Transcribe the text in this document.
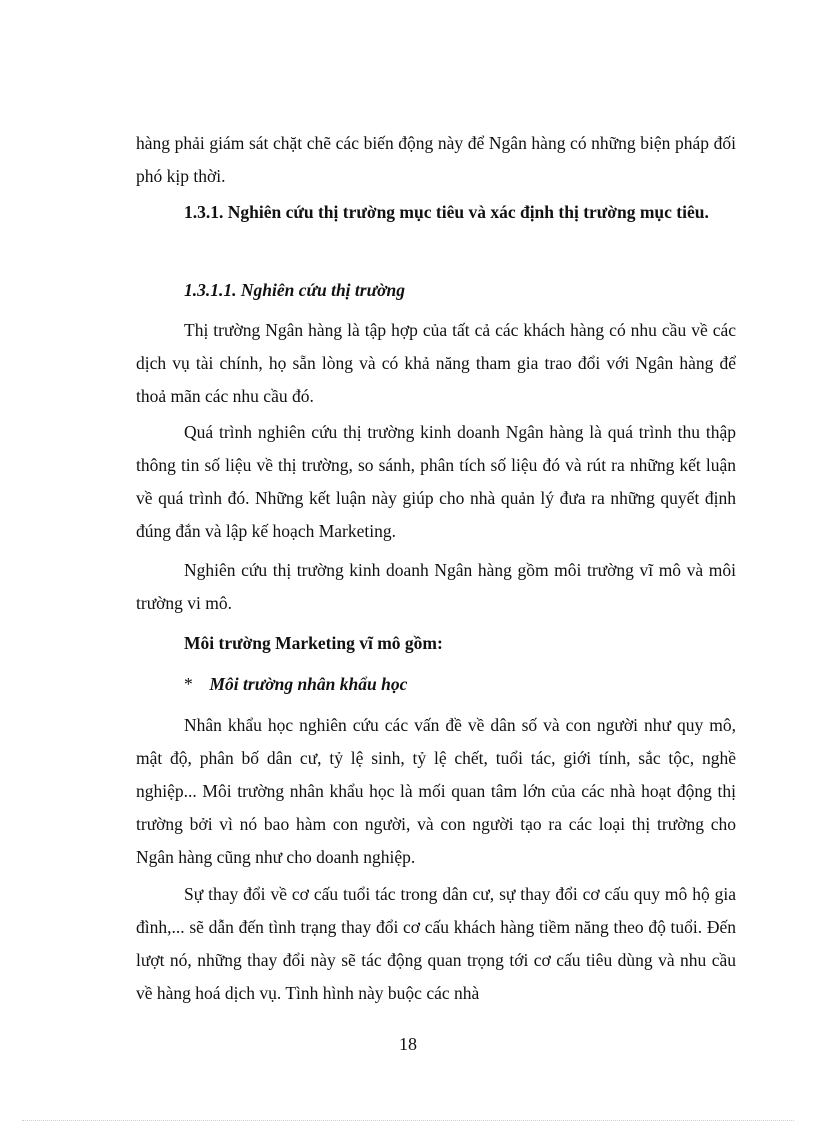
hàng phải giám sát chặt chẽ các biến động này để Ngân hàng có những biện pháp đối phó kịp thời.

1.3.1. Nghiên cứu thị trường mục tiêu và xác định thị trường mục tiêu.

1.3.1.1. Nghiên cứu thị trường

Thị trường Ngân hàng là tập hợp của tất cả các khách hàng có nhu cầu về các dịch vụ tài chính, họ sẵn lòng và có khả năng tham gia trao đổi với Ngân hàng để thoả mãn các nhu cầu đó.

Quá trình nghiên cứu thị trường kinh doanh Ngân hàng là quá trình thu thập thông tin số liệu về thị trường, so sánh, phân tích số liệu đó và rút ra những kết luận về quá trình đó. Những kết luận này giúp cho nhà quản lý đưa ra những quyết định đúng đắn và lập kế hoạch Marketing.

Nghiên cứu thị trường kinh doanh Ngân hàng gồm môi trường vĩ mô và môi trường vi mô.

Môi trường Marketing vĩ mô gồm:

* Môi trường nhân khẩu học

Nhân khẩu học nghiên cứu các vấn đề về dân số và con người như quy mô, mật độ, phân bố dân cư, tỷ lệ sinh, tỷ lệ chết, tuổi tác, giới tính, sắc tộc, nghề nghiệp... Môi trường nhân khẩu học là mối quan tâm lớn của các nhà hoạt động thị trường bởi vì nó bao hàm con người, và con người tạo ra các loại thị trường cho Ngân hàng cũng như cho doanh nghiệp.

Sự thay đổi về cơ cấu tuổi tác trong dân cư, sự thay đổi cơ cấu quy mô hộ gia đình,... sẽ dẫn đến tình trạng thay đổi cơ cấu khách hàng tiềm năng theo độ tuổi. Đến lượt nó, những thay đổi này sẽ tác động quan trọng tới cơ cấu tiêu dùng và nhu cầu về hàng hoá dịch vụ. Tình hình này buộc các nhà

18
